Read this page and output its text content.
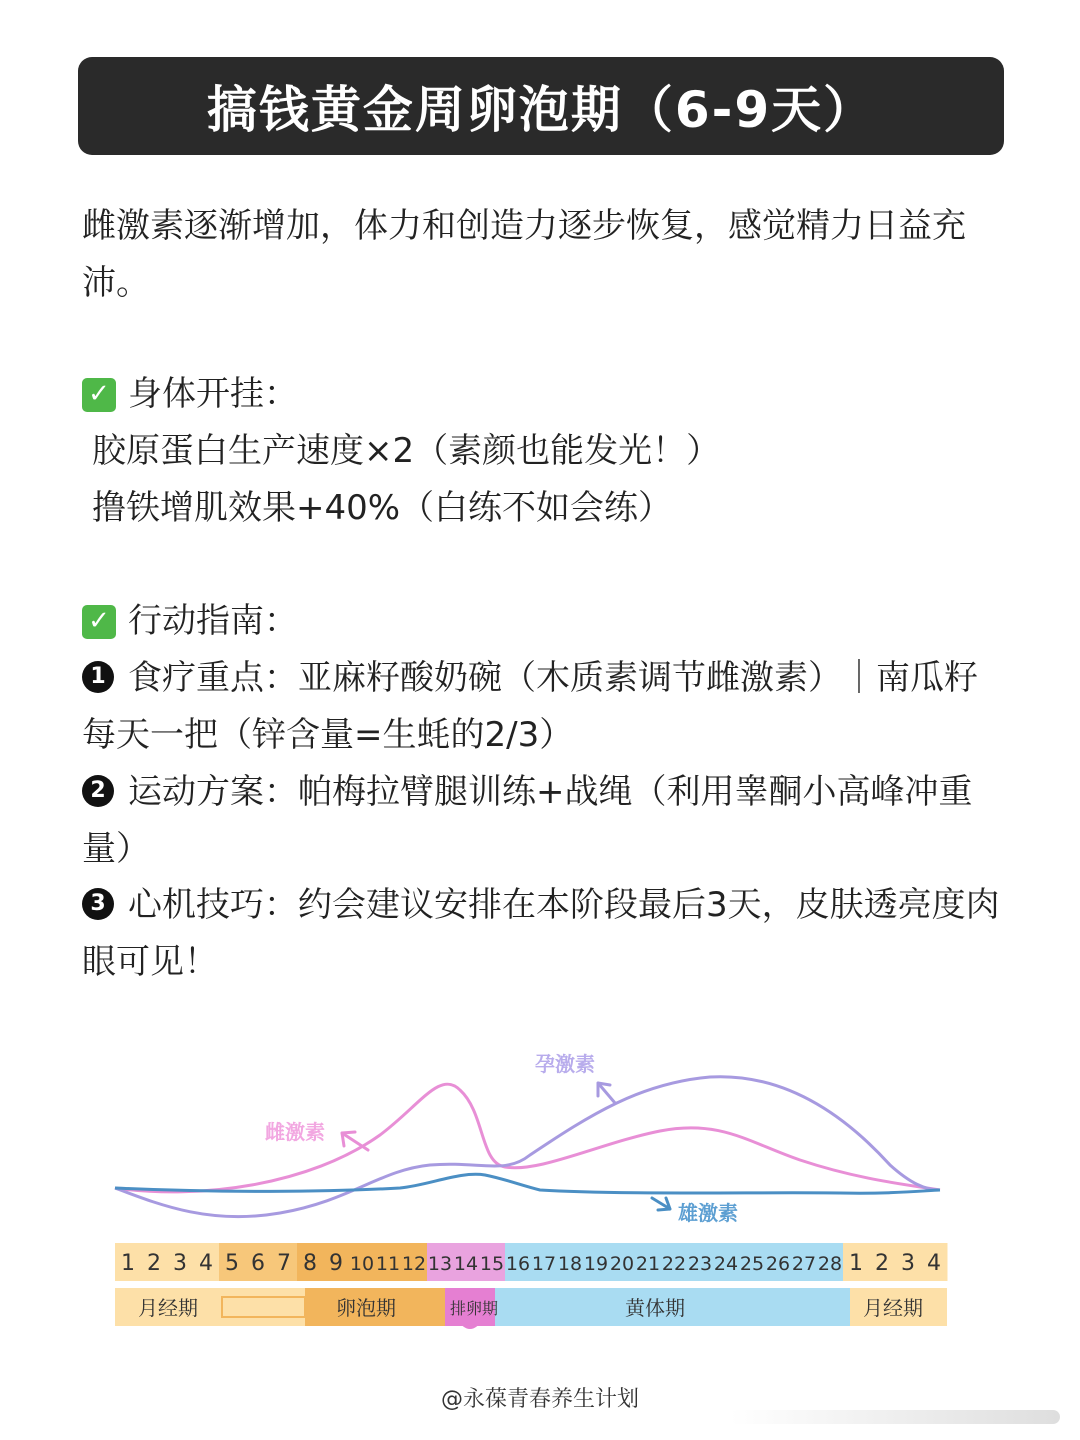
搞钱黄金周卵泡期（6-9天）
雌激素逐渐增加，体力和创造力逐步恢复，感觉精力日益充沛。
✓ 身体开挂：
胶原蛋白生产速度×2（素颜也能发光！）
撸铁增肌效果+40%（白练不如会练）
✓ 行动指南：
1 食疗重点：亚麻籽酸奶碗（木质素调节雌激素）｜南瓜籽每天一把（锌含量=生蚝的2/3）
2 运动方案：帕梅拉臂腿训练+战绳（利用睾酮小高峰冲重量）
3 心机技巧：约会建议安排在本阶段最后3天，皮肤透亮度肉眼可见！
雌激素
孕激素
雄激素
1 2 3 4 5 6 7 8 9 10 11 12 13 14 15 16 17 18 19 20 21 22 23 24 25 26 27 28 1 2 3 4
月经期	卵泡期	排卵期	黄体期	月经期
@永葆青春养生计划
